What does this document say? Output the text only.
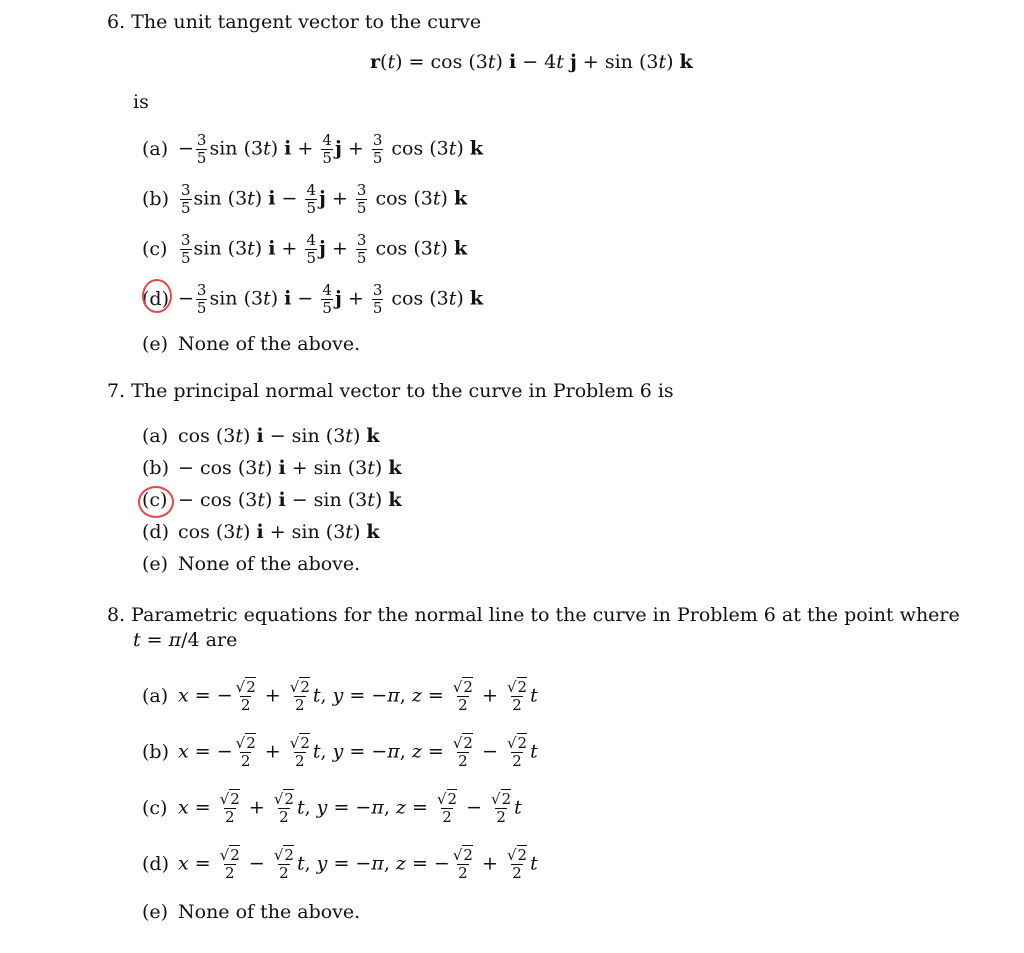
6. The unit tangent vector to the curve
r(t) = cos (3t) i − 4t j + sin (3t) k
is
$(a) - \frac{3}{5}$ sin (3t) $i + \frac{4}{5}$ $j + \frac{3}{5}$ cos (3t) k
$(b) \frac{3}{5}$ sin (3t) $i - \frac{4}{5}$ $j + \frac{3}{5}$ cos (3t) k
$(c) \frac{3}{5}$ sin (3t) $i + \frac{4}{5}$ $j + \frac{3}{5}$ cos (3t) k
$(d) - \frac{3}{5}$ sin (3t) $i - \frac{4}{5}$ $j + \frac{3}{5}$ cos (3t) k
(e) None of the above.
7. The principal normal vector to the curve in Problem 6 is
(a) cos (3t) i − sin (3t) k
(b) − cos (3t) i + sin (3t) k
(c) − cos (3t) i − sin (3t) k
(d) cos (3t) i + sin (3t) k
(e) None of the above.
8. Parametric equations for the normal line to the curve in Problem 6 at the point where
t = π/4 are
(a) x = − $\frac{√2}{2} + \frac{√2}{2} t$, y = −π, $z = \frac{√2}{2} + \frac{√2}{2}$ t
(b) x = − $\frac{√2}{2} + \frac{√2}{2} t$, y = −π, $z = \frac{√2}{2} - \frac{√2}{2}$ t
(c) $x = \frac{√2}{2} + \frac{√2}{2} t$, y = −π, $z = \frac{√2}{2} - \frac{√2}{2}$ t
(d) $x = \frac{√2}{2} - \frac{√2}{2} t$, y = −π, z = − $\frac{√2}{2} + \frac{√2}{2}$ t
(e) None of the above.
